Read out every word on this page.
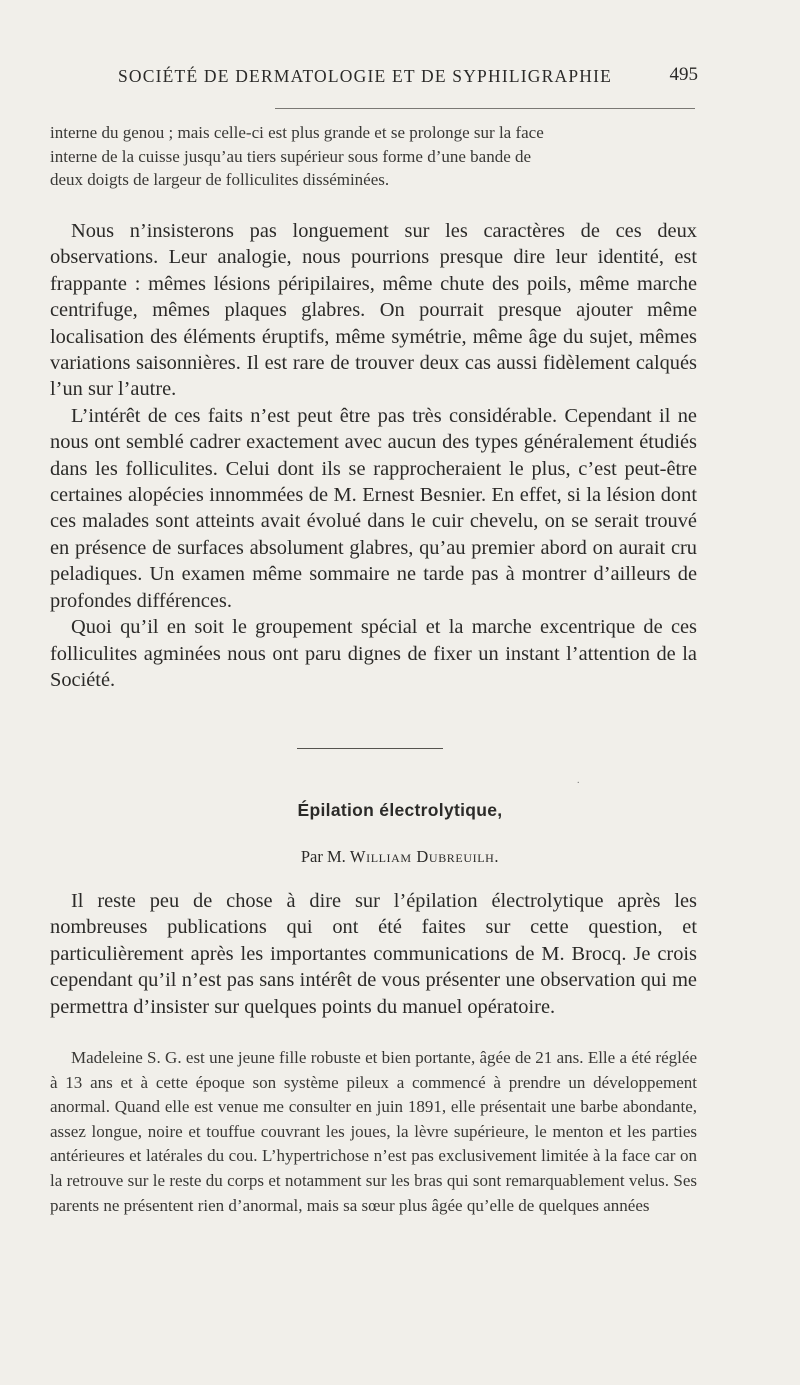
SOCIÉTÉ DE DERMATOLOGIE ET DE SYPHILIGRAPHIE	495

interne du genou ; mais celle-ci est plus grande et se prolonge sur la face

interne de la cuisse jusqu’au tiers supérieur sous forme d’une bande de

deux doigts de largeur de folliculites disséminées.

Nous n’insisterons pas longuement sur les caractères de ces deux observations. Leur analogie, nous pourrions presque dire leur identité, est frappante : mêmes lésions péripilaires, même chute des poils, même marche centrifuge, mêmes plaques glabres. On pourrait presque ajouter même localisation des éléments éruptifs, même symétrie, même âge du sujet, mêmes variations saisonnières. Il est rare de trouver deux cas aussi fidèlement calqués l’un sur l’autre.

L’intérêt de ces faits n’est peut être pas très considérable. Cependant il ne nous ont semblé cadrer exactement avec aucun des types généralement étudiés dans les folliculites. Celui dont ils se rapprocheraient le plus, c’est peut-être certaines alopécies innommées de M. Ernest Besnier. En effet, si la lésion dont ces malades sont atteints avait évolué dans le cuir chevelu, on se serait trouvé en présence de surfaces absolument glabres, qu’au premier abord on aurait cru peladiques. Un examen même sommaire ne tarde pas à montrer d’ailleurs de profondes différences.

Quoi qu’il en soit le groupement spécial et la marche excentrique de ces folliculites agminées nous ont paru dignes de fixer un instant l’attention de la Société.

.
Épilation électrolytique,
Par M. William Dubreuilh.

Il reste peu de chose à dire sur l’épilation électrolytique après les nombreuses publications qui ont été faites sur cette question, et particulièrement après les importantes communications de M. Brocq. Je crois cependant qu’il n’est pas sans intérêt de vous présenter une observation qui me permettra d’insister sur quelques points du manuel opératoire.

Madeleine S. G. est une jeune fille robuste et bien portante, âgée de 21 ans. Elle a été réglée à 13 ans et à cette époque son système pileux a commencé à prendre un développement anormal. Quand elle est venue me consulter en juin 1891, elle présentait une barbe abondante, assez longue, noire et touffue couvrant les joues, la lèvre supérieure, le menton et les parties antérieures et latérales du cou. L’hypertrichose n’est pas exclusivement limitée à la face car on la retrouve sur le reste du corps et notamment sur les bras qui sont remarquablement velus. Ses parents ne présentent rien d’anormal, mais sa sœur plus âgée qu’elle de quelques années
